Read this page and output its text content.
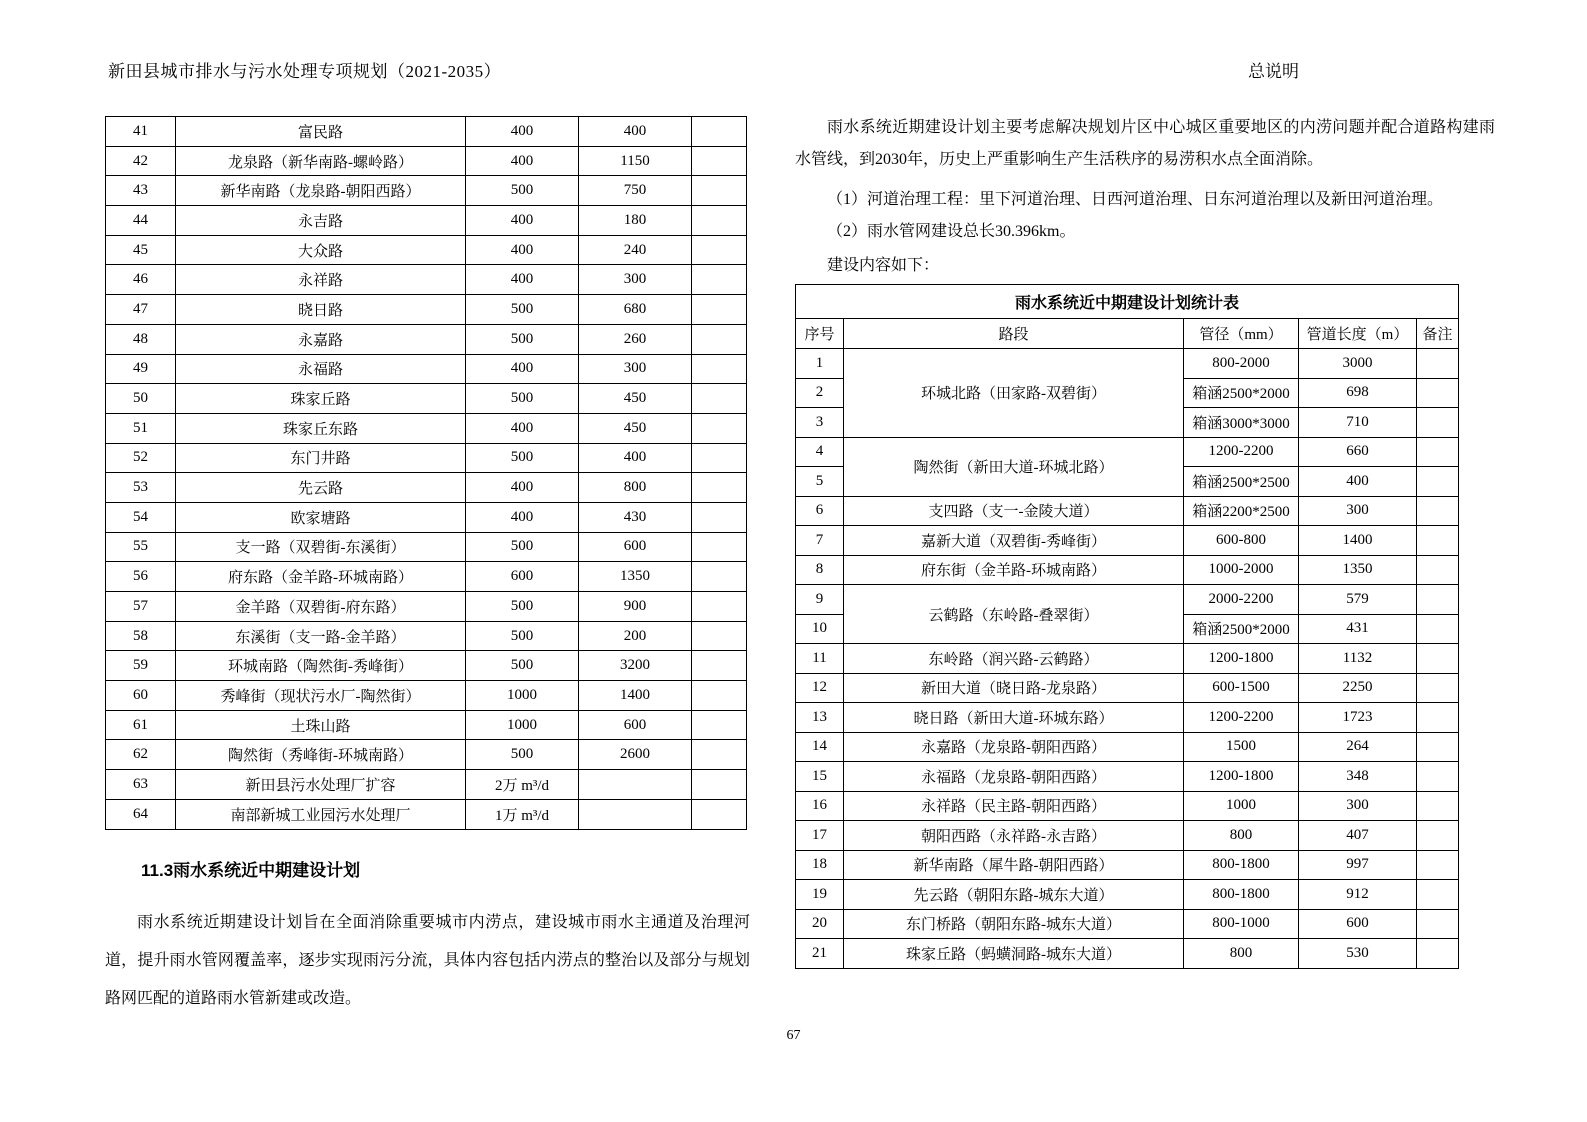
新田县城市排水与污水处理专项规划（2021-2035）	总说明
41	富民路	400	400	
42	龙泉路（新华南路-螺岭路）	400	1150	
43	新华南路（龙泉路-朝阳西路）	500	750	
44	永吉路	400	180	
45	大众路	400	240	
46	永祥路	400	300	
47	晓日路	500	680	
48	永嘉路	500	260	
49	永福路	400	300	
50	珠家丘路	500	450	
51	珠家丘东路	400	450	
52	东门井路	500	400	
53	先云路	400	800	
54	欧家塘路	400	430	
55	支一路（双碧街-东溪街）	500	600	
56	府东路（金羊路-环城南路）	600	1350	
57	金羊路（双碧街-府东路）	500	900	
58	东溪街（支一路-金羊路）	500	200	
59	环城南路（陶然街-秀峰街）	500	3200	
60	秀峰街（现状污水厂-陶然街）	1000	1400	
61	土珠山路	1000	600	
62	陶然街（秀峰街-环城南路）	500	2600	
63	新田县污水处理厂扩容	2万 m³/d		
64	南部新城工业园污水处理厂	1万 m³/d		
11.3雨水系统近中期建设计划

雨水系统近期建设计划旨在全面消除重要城市内涝点，建设城市雨水主通道及治理河道，提升雨水管网覆盖率，逐步实现雨污分流，具体内容包括内涝点的整治以及部分与规划路网匹配的道路雨水管新建或改造。

雨水系统近期建设计划主要考虑解决规划片区中心城区重要地区的内涝问题并配合道路构建雨水管线，到2030年，历史上严重影响生产生活秩序的易涝积水点全面消除。

（1）河道治理工程：里下河道治理、日西河道治理、日东河道治理以及新田河道治理。

（2）雨水管网建设总长30.396km。

建设内容如下：

雨水系统近中期建设计划统计表				
序号	路段	管径（mm）	管道长度（m）	备注
1	环城北路（田家路-双碧街）	800-2000	3000	
2		箱涵2500*2000	698	
3		箱涵3000*3000	710	
4	陶然街（新田大道-环城北路）	1200-2200	660	
5		箱涵2500*2500	400	
6	支四路（支一-金陵大道）	箱涵2200*2500	300	
7	嘉新大道（双碧街-秀峰街）	600-800	1400	
8	府东街（金羊路-环城南路）	1000-2000	1350	
9	云鹤路（东岭路-叠翠街）	2000-2200	579	
10		箱涵2500*2000	431	
11	东岭路（润兴路-云鹤路）	1200-1800	1132	
12	新田大道（晓日路-龙泉路）	600-1500	2250	
13	晓日路（新田大道-环城东路）	1200-2200	1723	
14	永嘉路（龙泉路-朝阳西路）	1500	264	
15	永福路（龙泉路-朝阳西路）	1200-1800	348	
16	永祥路（民主路-朝阳西路）	1000	300	
17	朝阳西路（永祥路-永吉路）	800	407	
18	新华南路（犀牛路-朝阳西路）	800-1800	997	
19	先云路（朝阳东路-城东大道）	800-1800	912	
20	东门桥路（朝阳东路-城东大道）	800-1000	600	
21	珠家丘路（蚂蟥洞路-城东大道）	800	530	
67
